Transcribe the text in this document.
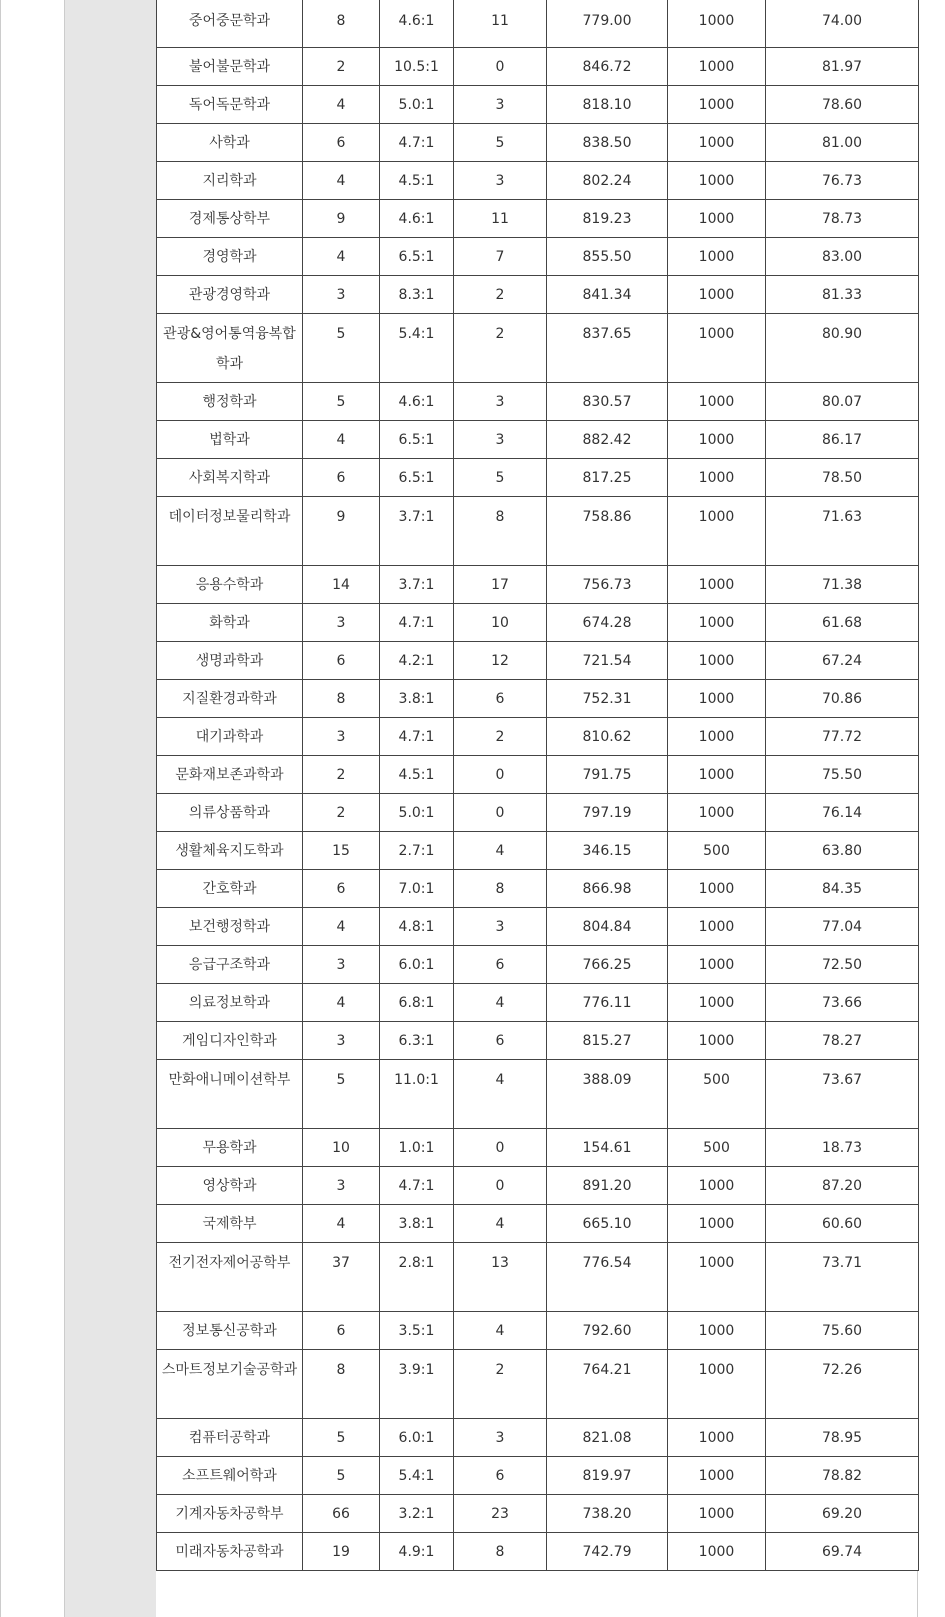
중어중문학과	8	4.6:1	11	779.00	1000	74.00
불어불문학과	2	10.5:1	0	846.72	1000	81.97
독어독문학과	4	5.0:1	3	818.10	1000	78.60
사학과	6	4.7:1	5	838.50	1000	81.00
지리학과	4	4.5:1	3	802.24	1000	76.73
경제통상학부	9	4.6:1	11	819.23	1000	78.73
경영학과	4	6.5:1	7	855.50	1000	83.00
관광경영학과	3	8.3:1	2	841.34	1000	81.33
관광&영어통역융복합학과	5	5.4:1	2	837.65	1000	80.90
행정학과	5	4.6:1	3	830.57	1000	80.07
법학과	4	6.5:1	3	882.42	1000	86.17
사회복지학과	6	6.5:1	5	817.25	1000	78.50
데이터정보물리학과	9	3.7:1	8	758.86	1000	71.63
응용수학과	14	3.7:1	17	756.73	1000	71.38
화학과	3	4.7:1	10	674.28	1000	61.68
생명과학과	6	4.2:1	12	721.54	1000	67.24
지질환경과학과	8	3.8:1	6	752.31	1000	70.86
대기과학과	3	4.7:1	2	810.62	1000	77.72
문화재보존과학과	2	4.5:1	0	791.75	1000	75.50
의류상품학과	2	5.0:1	0	797.19	1000	76.14
생활체육지도학과	15	2.7:1	4	346.15	500	63.80
간호학과	6	7.0:1	8	866.98	1000	84.35
보건행정학과	4	4.8:1	3	804.84	1000	77.04
응급구조학과	3	6.0:1	6	766.25	1000	72.50
의료정보학과	4	6.8:1	4	776.11	1000	73.66
게임디자인학과	3	6.3:1	6	815.27	1000	78.27
만화애니메이션학부	5	11.0:1	4	388.09	500	73.67
무용학과	10	1.0:1	0	154.61	500	18.73
영상학과	3	4.7:1	0	891.20	1000	87.20
국제학부	4	3.8:1	4	665.10	1000	60.60
전기전자제어공학부	37	2.8:1	13	776.54	1000	73.71
정보통신공학과	6	3.5:1	4	792.60	1000	75.60
스마트정보기술공학과	8	3.9:1	2	764.21	1000	72.26
컴퓨터공학과	5	6.0:1	3	821.08	1000	78.95
소프트웨어학과	5	5.4:1	6	819.97	1000	78.82
기계자동차공학부	66	3.2:1	23	738.20	1000	69.20
미래자동차공학과	19	4.9:1	8	742.79	1000	69.74
